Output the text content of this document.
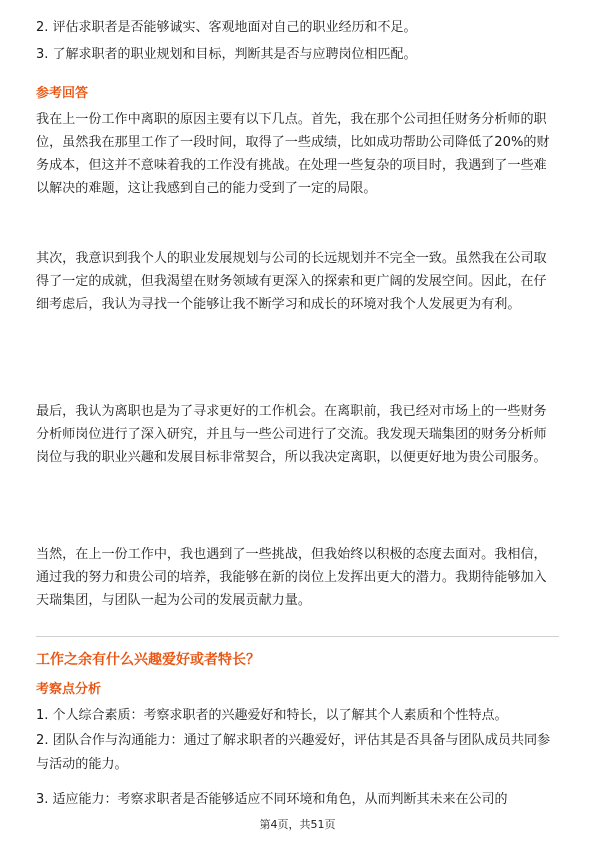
2. 评估求职者是否能够诚实、客观地面对自己的职业经历和不足。
3. 了解求职者的职业规划和目标，判断其是否与应聘岗位相匹配。
参考回答
我在上一份工作中离职的原因主要有以下几点。首先，我在那个公司担任财务分析师的职位，虽然我在那里工作了一段时间，取得了一些成绩，比如成功帮助公司降低了20%的财务成本，但这并不意味着我的工作没有挑战。在处理一些复杂的项目时，我遇到了一些难以解决的难题，这让我感到自己的能力受到了一定的局限。
其次，我意识到我个人的职业发展规划与公司的长远规划并不完全一致。虽然我在公司取得了一定的成就，但我渴望在财务领域有更深入的探索和更广阔的发展空间。因此，在仔细考虑后，我认为寻找一个能够让我不断学习和成长的环境对我个人发展更为有利。
最后，我认为离职也是为了寻求更好的工作机会。在离职前，我已经对市场上的一些财务分析师岗位进行了深入研究，并且与一些公司进行了交流。我发现天瑞集团的财务分析师岗位与我的职业兴趣和发展目标非常契合，所以我决定离职，以便更好地为贵公司服务。
当然，在上一份工作中，我也遇到了一些挑战，但我始终以积极的态度去面对。我相信，通过我的努力和贵公司的培养，我能够在新的岗位上发挥出更大的潜力。我期待能够加入天瑞集团，与团队一起为公司的发展贡献力量。
工作之余有什么兴趣爱好或者特长？
考察点分析
1. 个人综合素质：考察求职者的兴趣爱好和特长，以了解其个人素质和个性特点。
2. 团队合作与沟通能力：通过了解求职者的兴趣爱好，评估其是否具备与团队成员共同参与活动的能力。
3. 适应能力：考察求职者是否能够适应不同环境和角色，从而判断其未来在公司的
第4页，共51页
